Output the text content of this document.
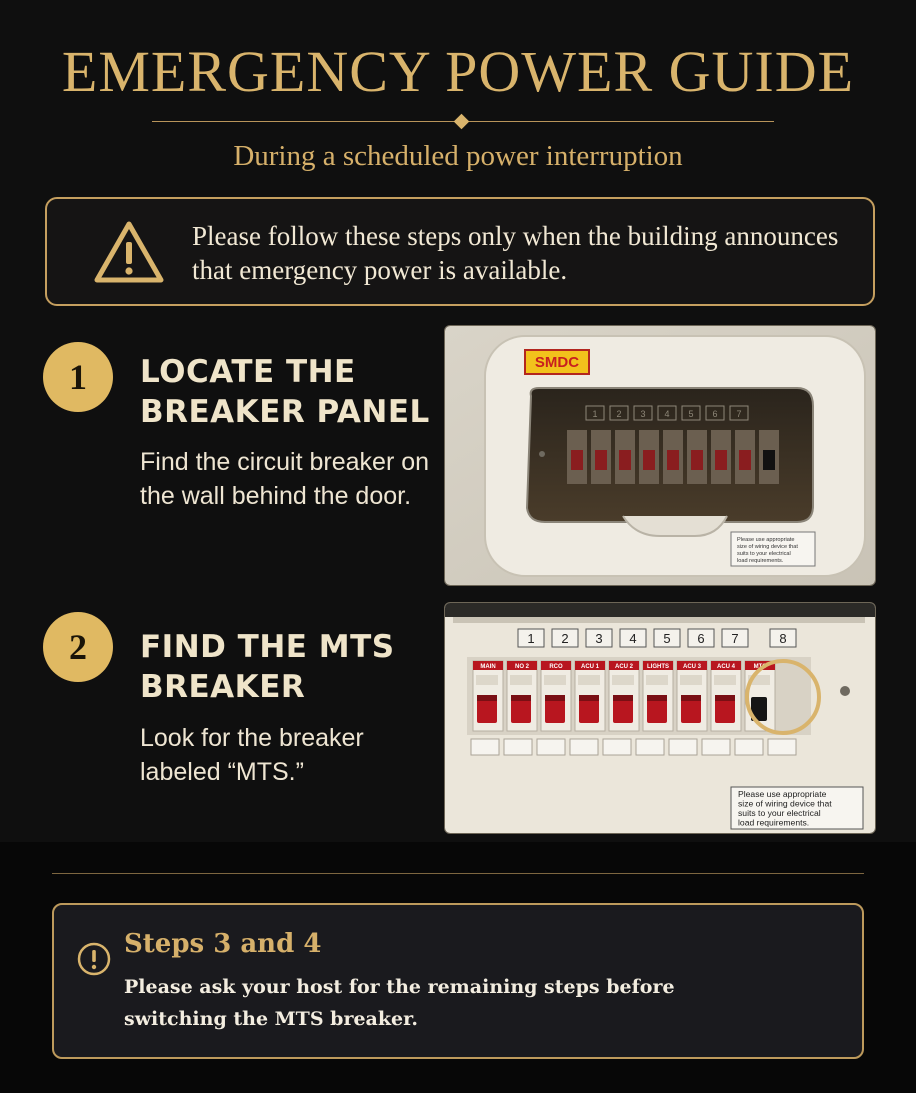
EMERGENCY POWER GUIDE
During a scheduled power interruption
Please follow these steps only when the building announces that emergency power is available.
1	LOCATE THE BREAKER PANEL
Find the circuit breaker on the wall behind the door.
SMDC
1 2 3 4 5 6 7
Please use appropriate
size of wiring device that
suits to your electrical
load requirements.
2	FIND THE MTS BREAKER
Look for the breaker labeled “MTS.”
1 2 3 4 5 6 7	8
MAIN	NO 2	RCO	ACU 1	ACU 2 LIGHTS ACU 3	ACU 4	MTS
Please use appropriate
size of wiring device that
suits to your electrical
load requirements.
Steps 3 and 4
Please ask your host for the remaining steps before switching the MTS breaker.
